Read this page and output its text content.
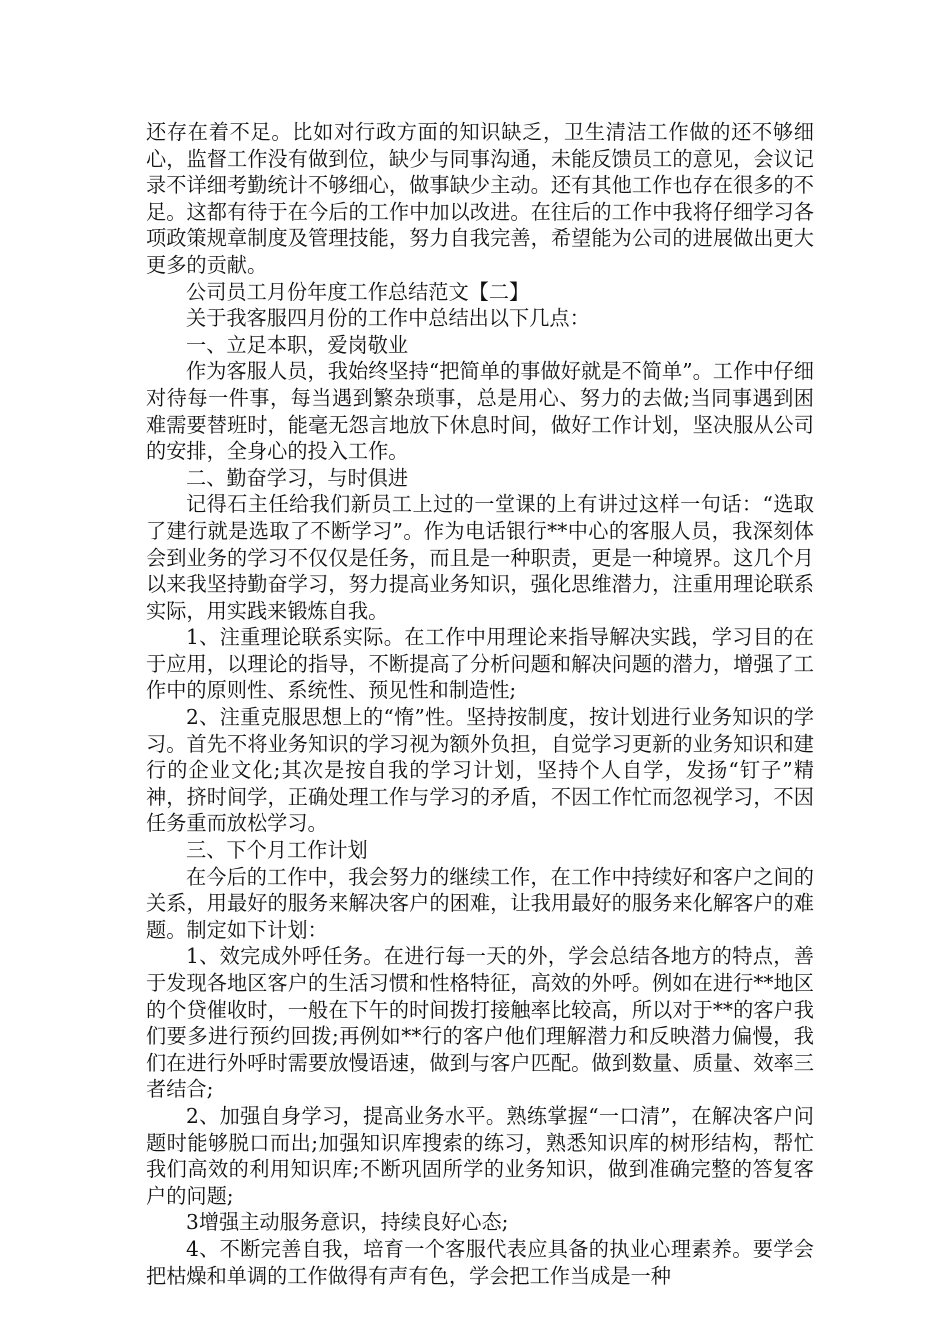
还存在着不足。比如对行政方面的知识缺乏，卫生清洁工作做的还不够细心，监督工作没有做到位，缺少与同事沟通，未能反馈员工的意见，会议记录不详细考勤统计不够细心，做事缺少主动。还有其他工作也存在很多的不足。这都有待于在今后的工作中加以改进。在往后的工作中我将仔细学习各项政策规章制度及管理技能，努力自我完善，希望能为公司的进展做出更大更多的贡献。

公司员工月份年度工作总结范文【二】

关于我客服四月份的工作中总结出以下几点：

一、立足本职，爱岗敬业

作为客服人员，我始终坚持“把简单的事做好就是不简单”。工作中仔细对待每一件事，每当遇到繁杂琐事，总是用心、努力的去做;当同事遇到困难需要替班时，能毫无怨言地放下休息时间，做好工作计划，坚决服从公司的安排，全身心的投入工作。

二、勤奋学习，与时俱进

记得石主任给我们新员工上过的一堂课的上有讲过这样一句话：“选取了建行就是选取了不断学习”。作为电话银行**中心的客服人员，我深刻体会到业务的学习不仅仅是任务，而且是一种职责，更是一种境界。这几个月以来我坚持勤奋学习，努力提高业务知识，强化思维潜力，注重用理论联系实际，用实践来锻炼自我。

1、注重理论联系实际。在工作中用理论来指导解决实践，学习目的在于应用，以理论的指导，不断提高了分析问题和解决问题的潜力，增强了工作中的原则性、系统性、预见性和制造性;

2、注重克服思想上的“惰”性。坚持按制度，按计划进行业务知识的学习。首先不将业务知识的学习视为额外负担，自觉学习更新的业务知识和建行的企业文化;其次是按自我的学习计划，坚持个人自学，发扬“钉子”精神，挤时间学，正确处理工作与学习的矛盾，不因工作忙而忽视学习，不因任务重而放松学习。

三、下个月工作计划

在今后的工作中，我会努力的继续工作，在工作中持续好和客户之间的关系，用最好的服务来解决客户的困难，让我用最好的服务来化解客户的难题。制定如下计划：

1、效完成外呼任务。在进行每一天的外，学会总结各地方的特点，善于发现各地区客户的生活习惯和性格特征，高效的外呼。例如在进行**地区的个贷催收时，一般在下午的时间拨打接触率比较高，所以对于**的客户我们要多进行预约回拨;再例如**行的客户他们理解潜力和反映潜力偏慢，我们在进行外呼时需要放慢语速，做到与客户匹配。做到数量、质量、效率三者结合;

2、加强自身学习，提高业务水平。熟练掌握“一口清”，在解决客户问题时能够脱口而出;加强知识库搜索的练习，熟悉知识库的树形结构，帮忙我们高效的利用知识库;不断巩固所学的业务知识，做到准确完整的答复客户的问题;

3增强主动服务意识，持续良好心态;

4、不断完善自我，培育一个客服代表应具备的执业心理素养。要学会把枯燥和单调的工作做得有声有色，学会把工作当成是一种
